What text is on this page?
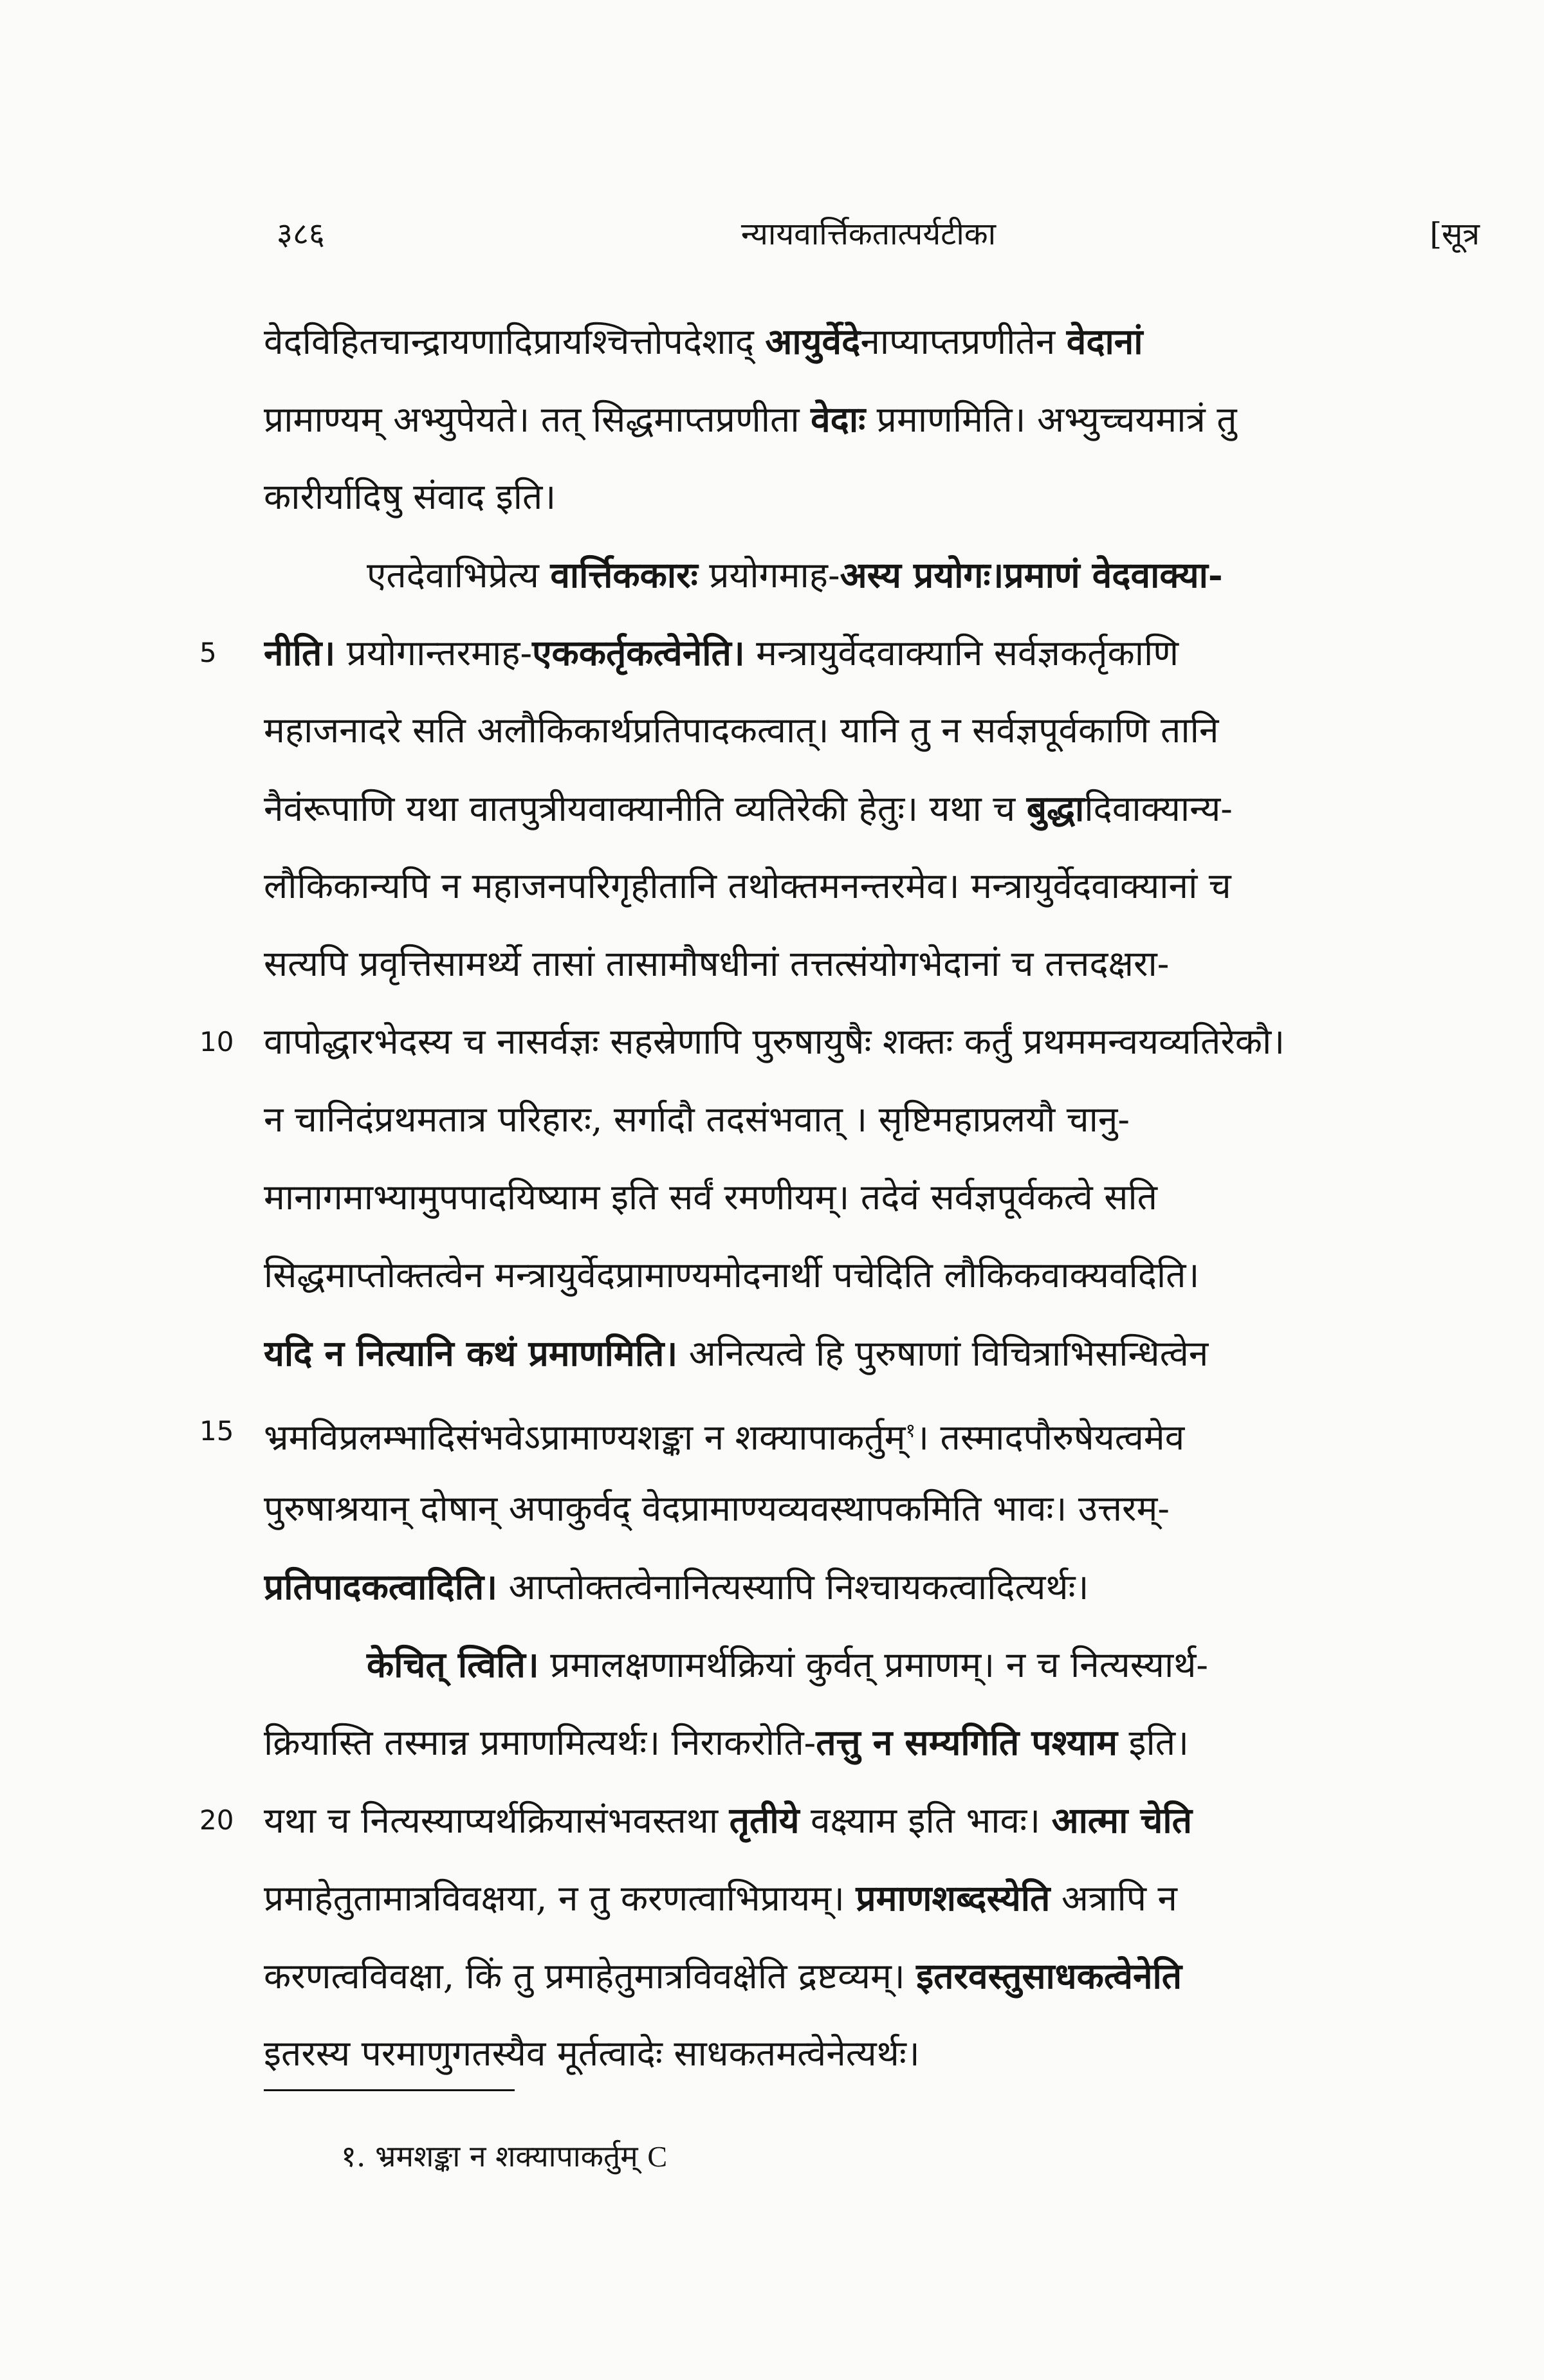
३८६	न्यायवार्त्तिकतात्पर्यटीका	[सूत्र
5
10
15
20
वेदविहितचान्द्रायणादिप्रायश्चित्तोपदेशाद् आयुर्वेदेनाप्याप्तप्रणीतेन वेदानां
प्रामाण्यम् अभ्युपेयते। तत् सिद्धमाप्तप्रणीता वेदाः प्रमाणमिति। अभ्युच्चयमात्रं तु
कारीर्यादिषु संवाद इति।
एतदेवाभिप्रेत्य वार्त्तिककारः प्रयोगमाह-अस्य प्रयोगः।प्रमाणं वेदवाक्या-
नीति। प्रयोगान्तरमाह-एककर्तृकत्वेनेति। मन्त्रायुर्वेदवाक्यानि सर्वज्ञकर्तृकाणि
महाजनादरे सति अलौकिकार्थप्रतिपादकत्वात्। यानि तु न सर्वज्ञपूर्वकाणि तानि
नैवंरूपाणि यथा वातपुत्रीयवाक्यानीति व्यतिरेकी हेतुः। यथा च बुद्धादिवाक्यान्य-
लौकिकान्यपि न महाजनपरिगृहीतानि तथोक्तमनन्तरमेव। मन्त्रायुर्वेदवाक्यानां च
सत्यपि प्रवृत्तिसामर्थ्ये तासां तासामौषधीनां तत्तत्संयोगभेदानां च तत्तदक्षरा-
वापोद्धारभेदस्य च नासर्वज्ञः सहस्रेणापि पुरुषायुषैः शक्तः कर्तुं प्रथममन्वयव्यतिरेकौ।
न चानिदंप्रथमतात्र परिहारः, सर्गादौ तदसंभवात् । सृष्टिमहाप्रलयौ चानु-
मानागमाभ्यामुपपादयिष्याम इति सर्वं रमणीयम्। तदेवं सर्वज्ञपूर्वकत्वे सति
सिद्धमाप्तोक्तत्वेन मन्त्रायुर्वेदप्रामाण्यमोदनार्थी पचेदिति लौकिकवाक्यवदिति।
यदि न नित्यानि कथं प्रमाणमिति। अनित्यत्वे हि पुरुषाणां विचित्राभिसन्धित्वेन
भ्रमविप्रलम्भादिसंभवेऽप्रामाण्यशङ्का न शक्यापाकर्तुम्$^१$। तस्मादपौरुषेयत्वमेव
पुरुषाश्रयान् दोषान् अपाकुर्वद् वेदप्रामाण्यव्यवस्थापकमिति भावः। उत्तरम्-
प्रतिपादकत्वादिति। आप्तोक्तत्वेनानित्यस्यापि निश्चायकत्वादित्यर्थः।
केचित् त्विति। प्रमालक्षणामर्थक्रियां कुर्वत् प्रमाणम्। न च नित्यस्यार्थ-
क्रियास्ति तस्मान्न प्रमाणमित्यर्थः। निराकरोति-तत्तु न सम्यगिति पश्याम इति।
यथा च नित्यस्याप्यर्थक्रियासंभवस्तथा तृतीये वक्ष्याम इति भावः। आत्मा चेति
प्रमाहेतुतामात्रविवक्षया, न तु करणत्वाभिप्रायम्। प्रमाणशब्दस्येति अत्रापि न
करणत्वविवक्षा, किं तु प्रमाहेतुमात्रविवक्षेति द्रष्टव्यम्। इतरवस्तुसाधकत्वेनेति
इतरस्य परमाणुगतस्यैव मूर्तत्वादेः साधकतमत्वेनेत्यर्थः।
१. भ्रमशङ्का न शक्यापाकर्तुम् C
